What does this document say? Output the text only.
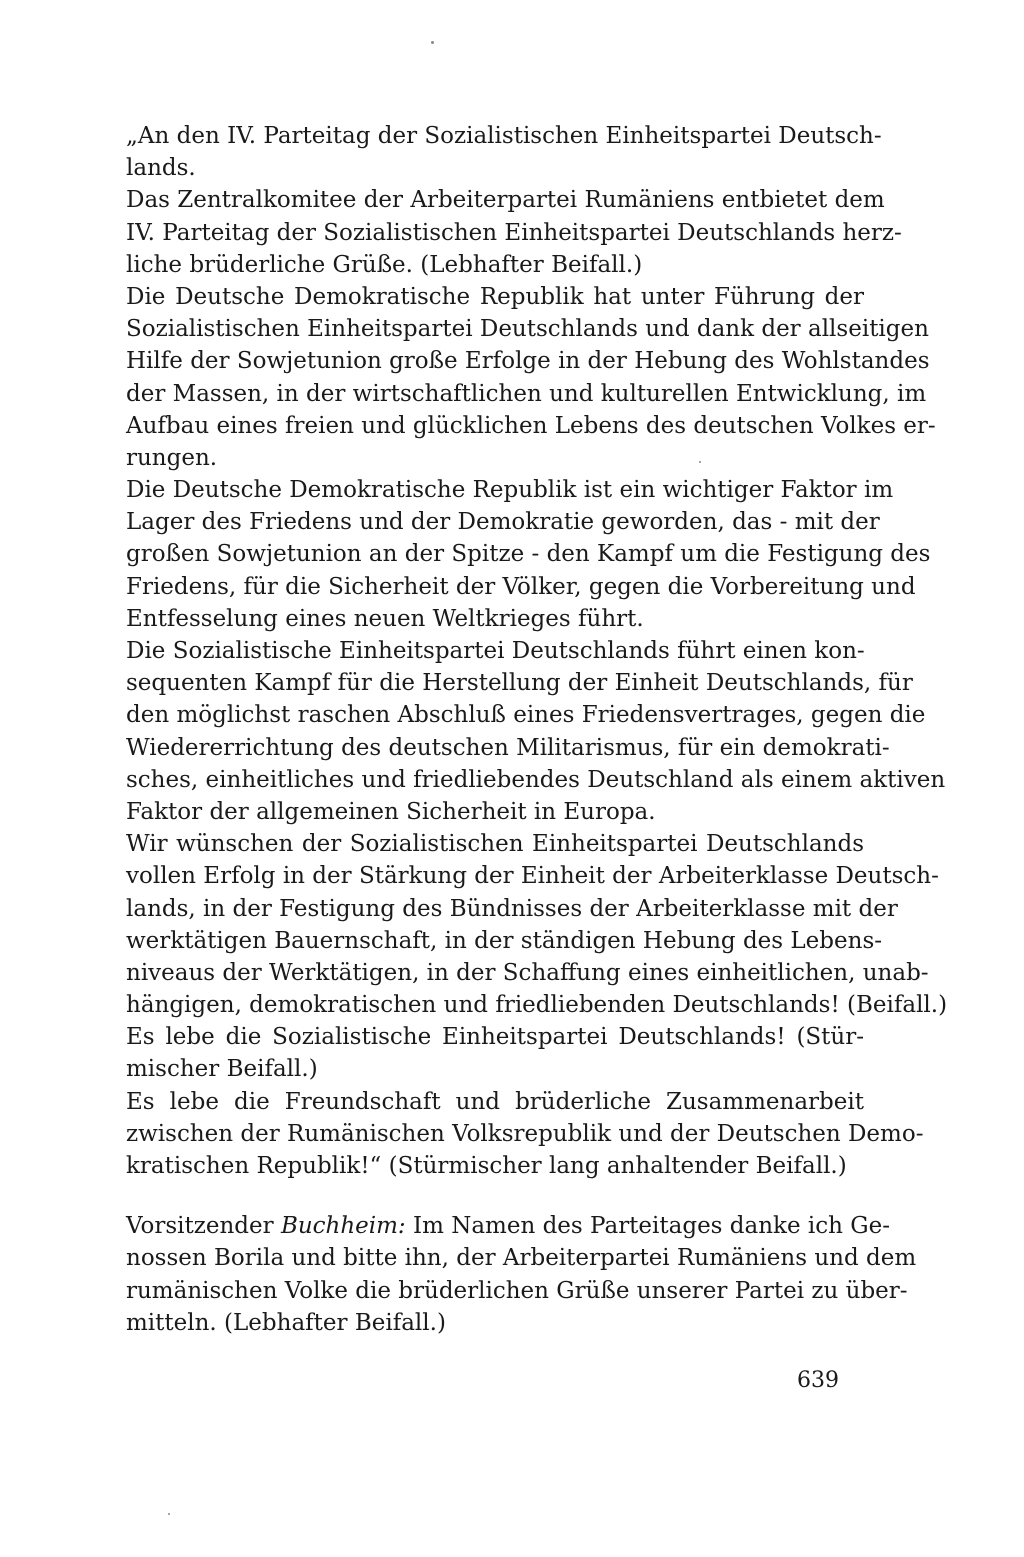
„An den IV. Parteitag der Sozialistischen Einheitspartei Deutsch-
lands.
Das Zentralkomitee der Arbeiterpartei Rumäniens entbietet dem
IV. Parteitag der Sozialistischen Einheitspartei Deutschlands herz-
liche brüderliche Grüße. (Lebhafter Beifall.)
Die Deutsche Demokratische Republik hat unter Führung der
Sozialistischen Einheitspartei Deutschlands und dank der allseitigen
Hilfe der Sowjetunion große Erfolge in der Hebung des Wohlstandes
der Massen, in der wirtschaftlichen und kulturellen Entwicklung, im
Aufbau eines freien und glücklichen Lebens des deutschen Volkes er-
rungen.
Die Deutsche Demokratische Republik ist ein wichtiger Faktor im
Lager des Friedens und der Demokratie geworden, das - mit der
großen Sowjetunion an der Spitze - den Kampf um die Festigung des
Friedens, für die Sicherheit der Völker, gegen die Vorbereitung und
Entfesselung eines neuen Weltkrieges führt.
Die Sozialistische Einheitspartei Deutschlands führt einen kon-
sequenten Kampf für die Herstellung der Einheit Deutschlands, für
den möglichst raschen Abschluß eines Friedensvertrages, gegen die
Wiedererrichtung des deutschen Militarismus, für ein demokrati-
sches, einheitliches und friedliebendes Deutschland als einem aktiven
Faktor der allgemeinen Sicherheit in Europa.
Wir wünschen der Sozialistischen Einheitspartei Deutschlands
vollen Erfolg in der Stärkung der Einheit der Arbeiterklasse Deutsch-
lands, in der Festigung des Bündnisses der Arbeiterklasse mit der
werktätigen Bauernschaft, in der ständigen Hebung des Lebens-
niveaus der Werktätigen, in der Schaffung eines einheitlichen, unab-
hängigen, demokratischen und friedliebenden Deutschlands! (Beifall.)
Es lebe die Sozialistische Einheitspartei Deutschlands! (Stür-
mischer Beifall.)
Es lebe die Freundschaft und brüderliche Zusammenarbeit
zwischen der Rumänischen Volksrepublik und der Deutschen Demo-
kratischen Republik!“ (Stürmischer lang anhaltender Beifall.)
Vorsitzender Buchheim: Im Namen des Parteitages danke ich Ge-
nossen Borila und bitte ihn, der Arbeiterpartei Rumäniens und dem
rumänischen Volke die brüderlichen Grüße unserer Partei zu über-
mitteln. (Lebhafter Beifall.)
639
